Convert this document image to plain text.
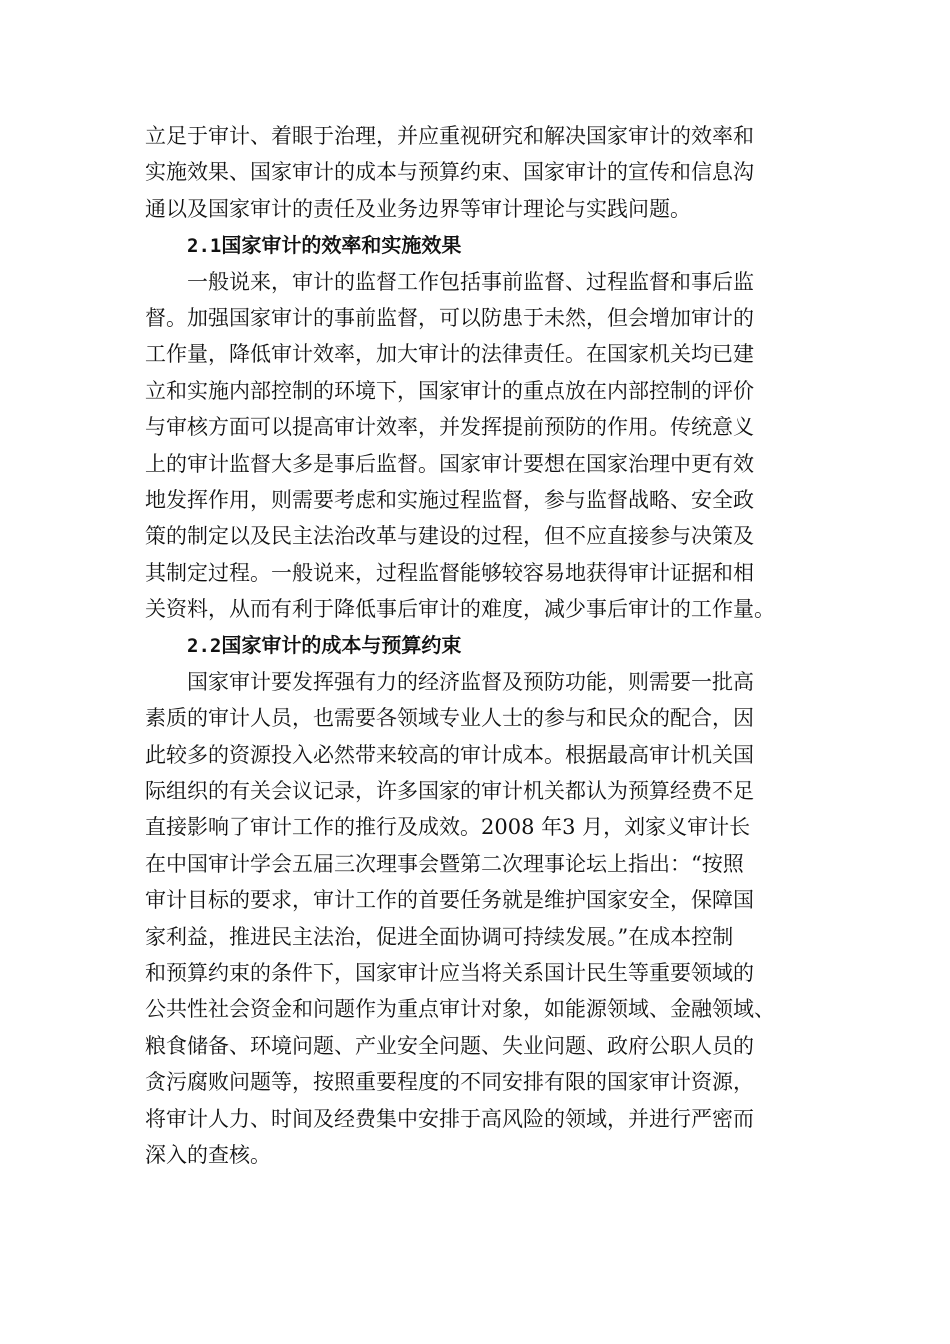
立足于审计、着眼于治理，并应重视研究和解决国家审计的效率和
实施效果、国家审计的成本与预算约束、国家审计的宣传和信息沟
通以及国家审计的责任及业务边界等审计理论与实践问题。
2.1国家审计的效率和实施效果
一般说来，审计的监督工作包括事前监督、过程监督和事后监
督。加强国家审计的事前监督，可以防患于未然，但会增加审计的
工作量，降低审计效率，加大审计的法律责任。在国家机关均已建
立和实施内部控制的环境下，国家审计的重点放在内部控制的评价
与审核方面可以提高审计效率，并发挥提前预防的作用。传统意义
上的审计监督大多是事后监督。国家审计要想在国家治理中更有效
地发挥作用，则需要考虑和实施过程监督，参与监督战略、安全政
策的制定以及民主法治改革与建设的过程，但不应直接参与决策及
其制定过程。一般说来，过程监督能够较容易地获得审计证据和相
关资料，从而有利于降低事后审计的难度，减少事后审计的工作量。
2.2国家审计的成本与预算约束
国家审计要发挥强有力的经济监督及预防功能，则需要一批高
素质的审计人员，也需要各领域专业人士的参与和民众的配合，因
此较多的资源投入必然带来较高的审计成本。根据最高审计机关国
际组织的有关会议记录，许多国家的审计机关都认为预算经费不足
直接影响了审计工作的推行及成效。2008 年3 月，刘家义审计长
在中国审计学会五届三次理事会暨第二次理事论坛上指出：“按照
审计目标的要求，审计工作的首要任务就是维护国家安全，保障国
家利益，推进民主法治，促进全面协调可持续发展。”在成本控制
和预算约束的条件下，国家审计应当将关系国计民生等重要领域的
公共性社会资金和问题作为重点审计对象，如能源领域、金融领域、
粮食储备、环境问题、产业安全问题、失业问题、政府公职人员的
贪污腐败问题等，按照重要程度的不同安排有限的国家审计资源，
将审计人力、时间及经费集中安排于高风险的领域，并进行严密而
深入的查核。
